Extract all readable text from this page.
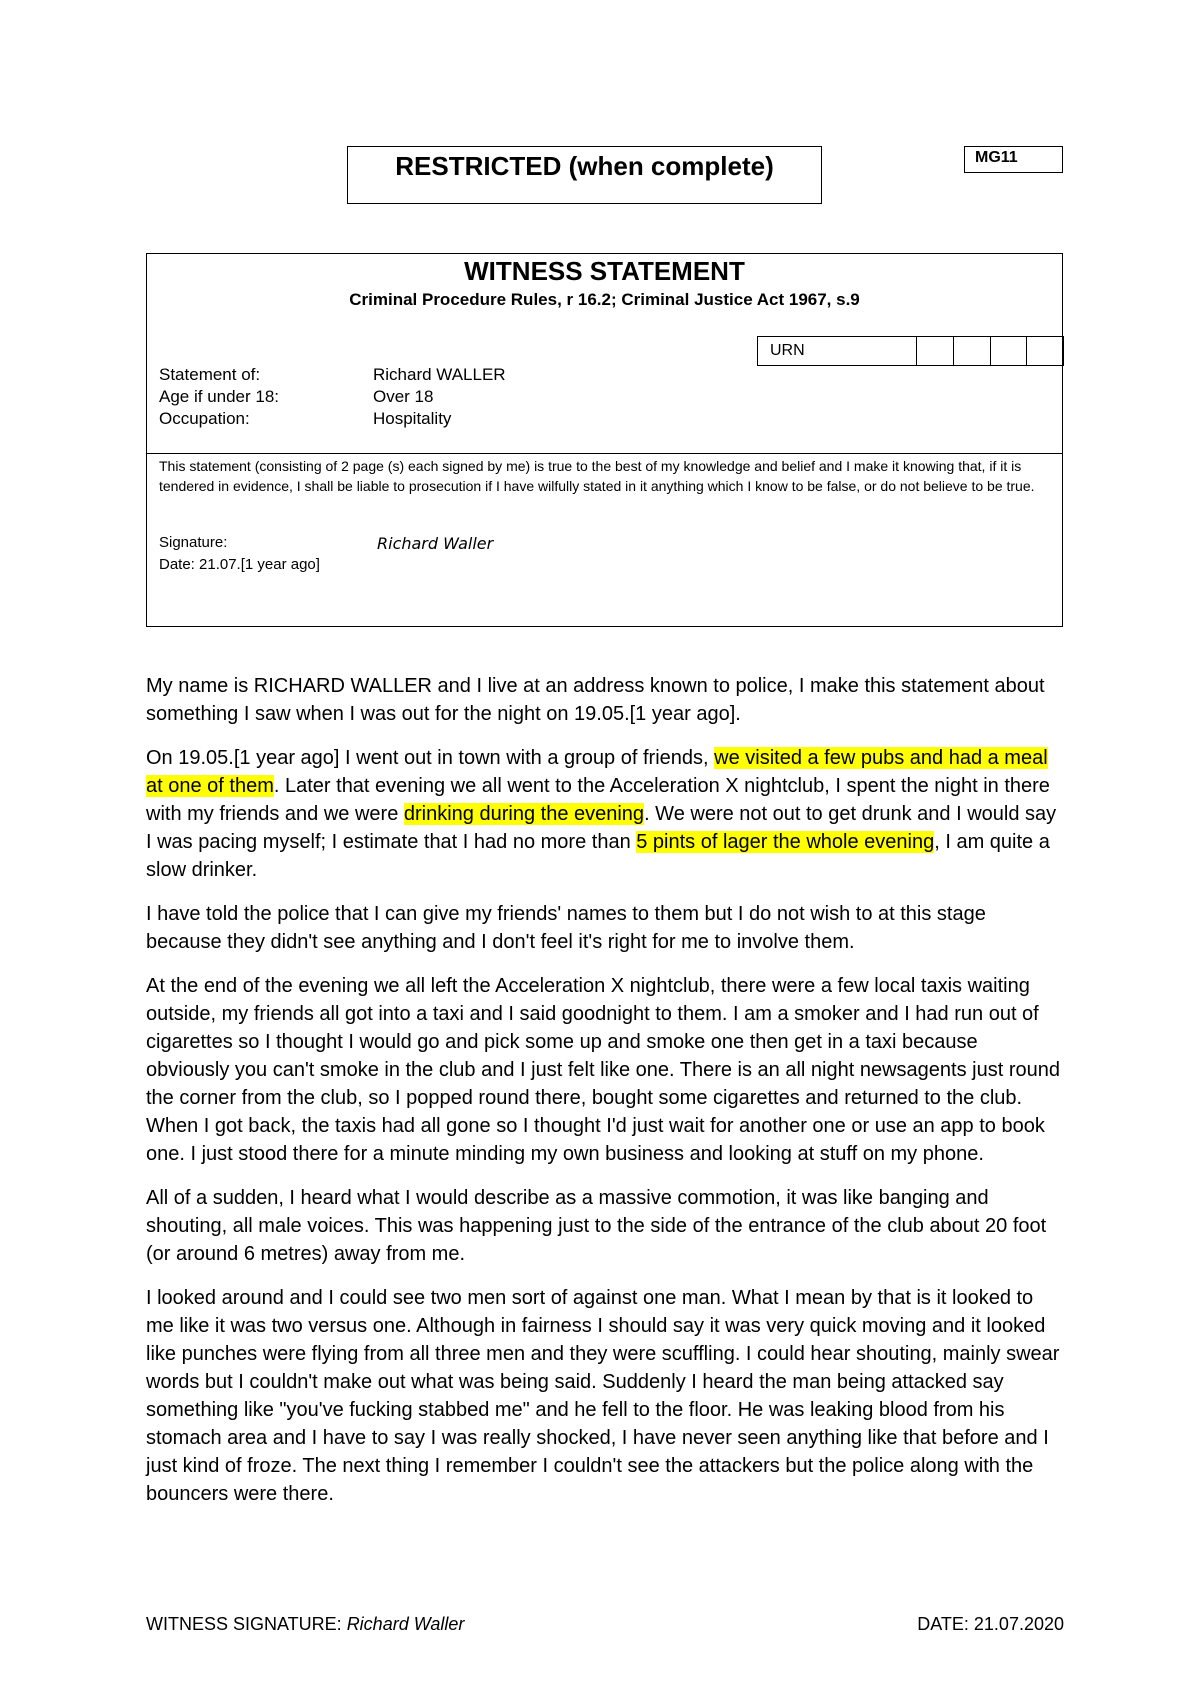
RESTRICTED (when complete)	MG11
WITNESS STATEMENT
Criminal Procedure Rules, r 16.2; Criminal Justice Act 1967, s.9
URN				
Statement of:	Richard WALLER
Age if under 18:	Over 18
Occupation:	Hospitality
This statement (consisting of 2 page (s) each signed by me) is true to the best of my knowledge and belief and I make it knowing that, if it is tendered in evidence, I shall be liable to prosecution if I have wilfully stated in it anything which I know to be false, or do not believe to be true.
Signature:	Richard Waller
Date: 21.07.[1 year ago]

My name is RICHARD WALLER and I live at an address known to police, I make this statement about something I saw when I was out for the night on 19.05.[1 year ago].

On 19.05.[1 year ago] I went out in town with a group of friends, we visited a few pubs and had a meal at one of them. Later that evening we all went to the Acceleration X nightclub, I spent the night in there with my friends and we were drinking during the evening. We were not out to get drunk and I would say I was pacing myself; I estimate that I had no more than 5 pints of lager the whole evening, I am quite a slow drinker.

I have told the police that I can give my friends' names to them but I do not wish to at this stage because they didn't see anything and I don't feel it's right for me to involve them.

At the end of the evening we all left the Acceleration X nightclub, there were a few local taxis waiting outside, my friends all got into a taxi and I said goodnight to them. I am a smoker and I had run out of cigarettes so I thought I would go and pick some up and smoke one then get in a taxi because obviously you can't smoke in the club and I just felt like one. There is an all night newsagents just round the corner from the club, so I popped round there, bought some cigarettes and returned to the club. When I got back, the taxis had all gone so I thought I'd just wait for another one or use an app to book one. I just stood there for a minute minding my own business and looking at stuff on my phone.

All of a sudden, I heard what I would describe as a massive commotion, it was like banging and shouting, all male voices. This was happening just to the side of the entrance of the club about 20 foot (or around 6 metres) away from me.

I looked around and I could see two men sort of against one man. What I mean by that is it looked to me like it was two versus one. Although in fairness I should say it was very quick moving and it looked like punches were flying from all three men and they were scuffling. I could hear shouting, mainly swear words but I couldn't make out what was being said. Suddenly I heard the man being attacked say something like "you've fucking stabbed me" and he fell to the floor. He was leaking blood from his stomach area and I have to say I was really shocked, I have never seen anything like that before and I just kind of froze. The next thing I remember I couldn't see the attackers but the police along with the bouncers were there.

WITNESS SIGNATURE: Richard Waller	DATE: 21.07.2020
